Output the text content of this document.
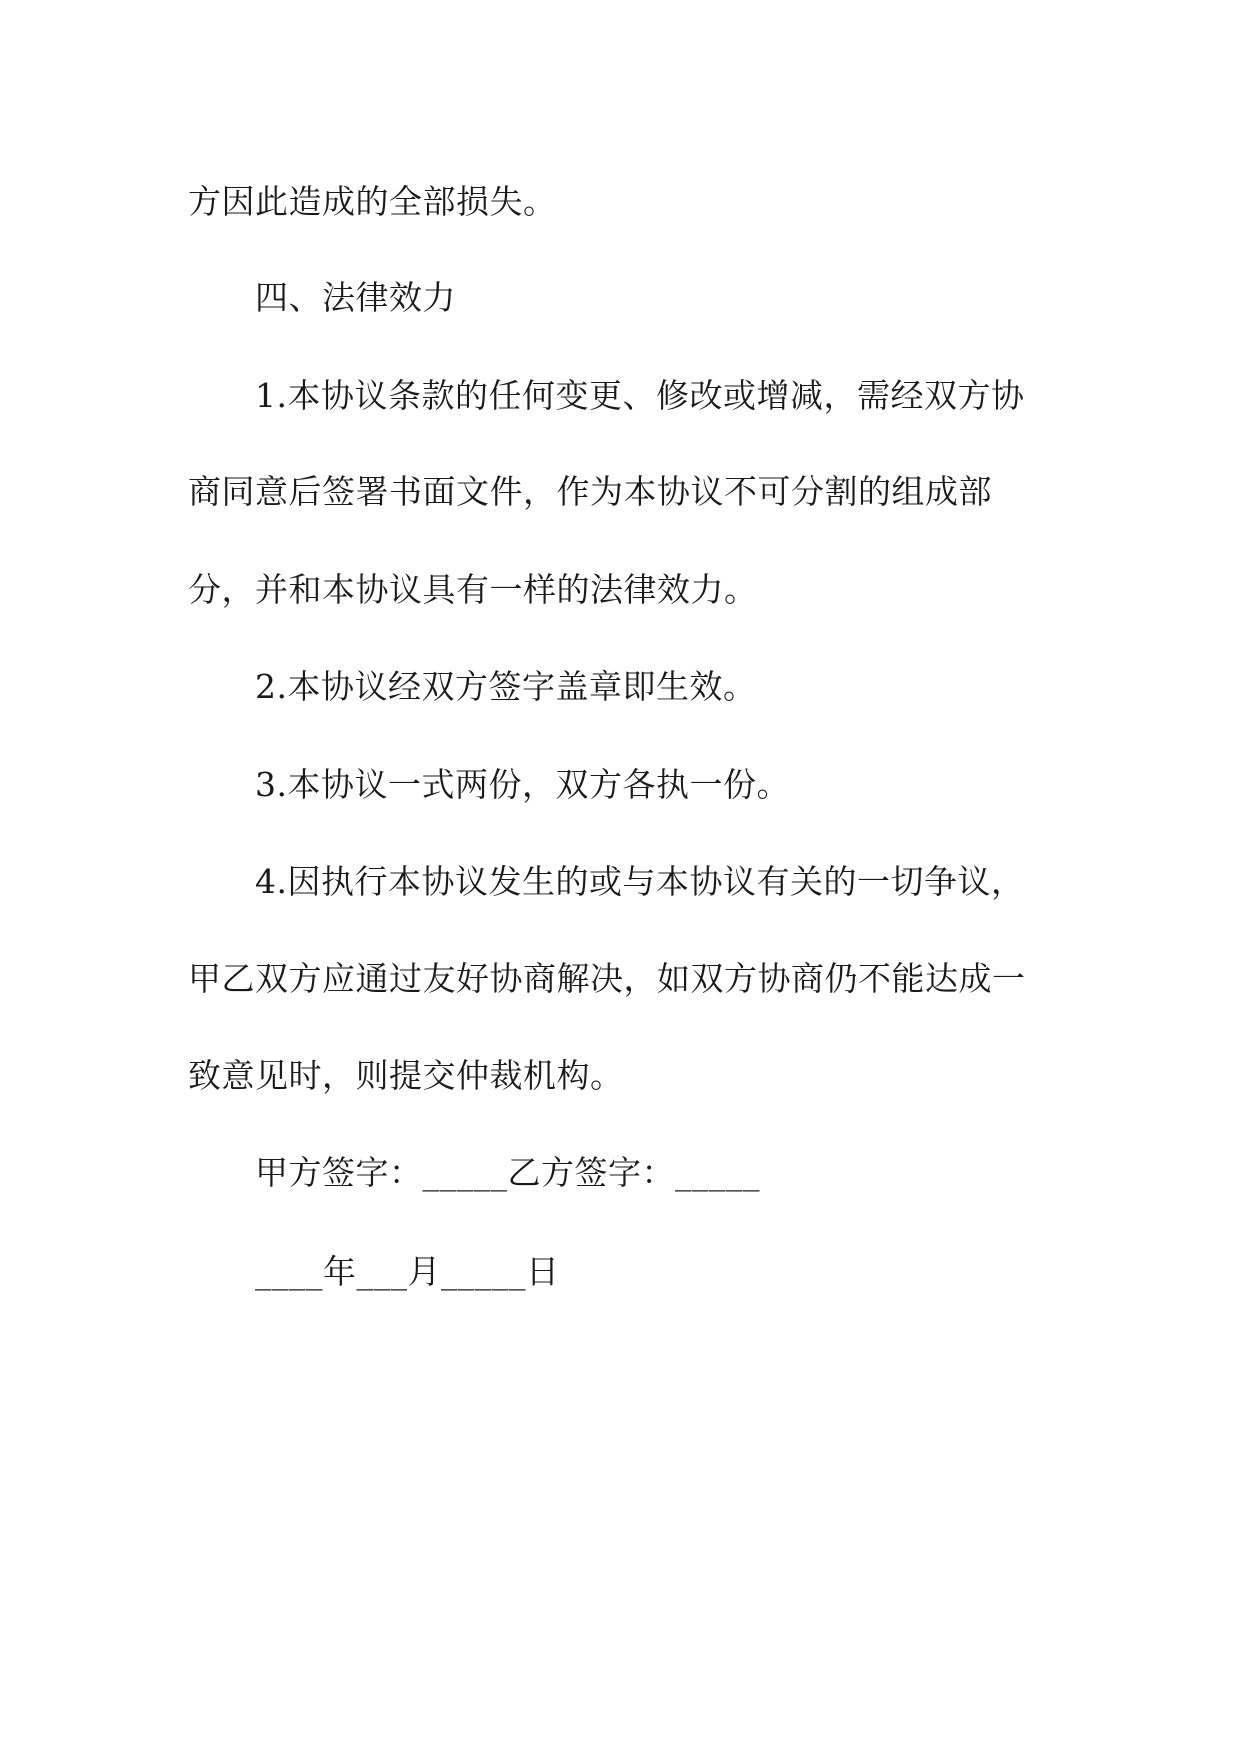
方因此造成的全部损失。
四、法律效力
1.本协议条款的任何变更、修改或增减，需经双方协
商同意后签署书面文件，作为本协议不可分割的组成部
分，并和本协议具有一样的法律效力。
2.本协议经双方签字盖章即生效。
3.本协议一式两份，双方各执一份。
4.因执行本协议发生的或与本协议有关的一切争议，
甲乙双方应通过友好协商解决，如双方协商仍不能达成一
致意见时，则提交仲裁机构。
甲方签字：_____乙方签字：_____
____年___月_____日
